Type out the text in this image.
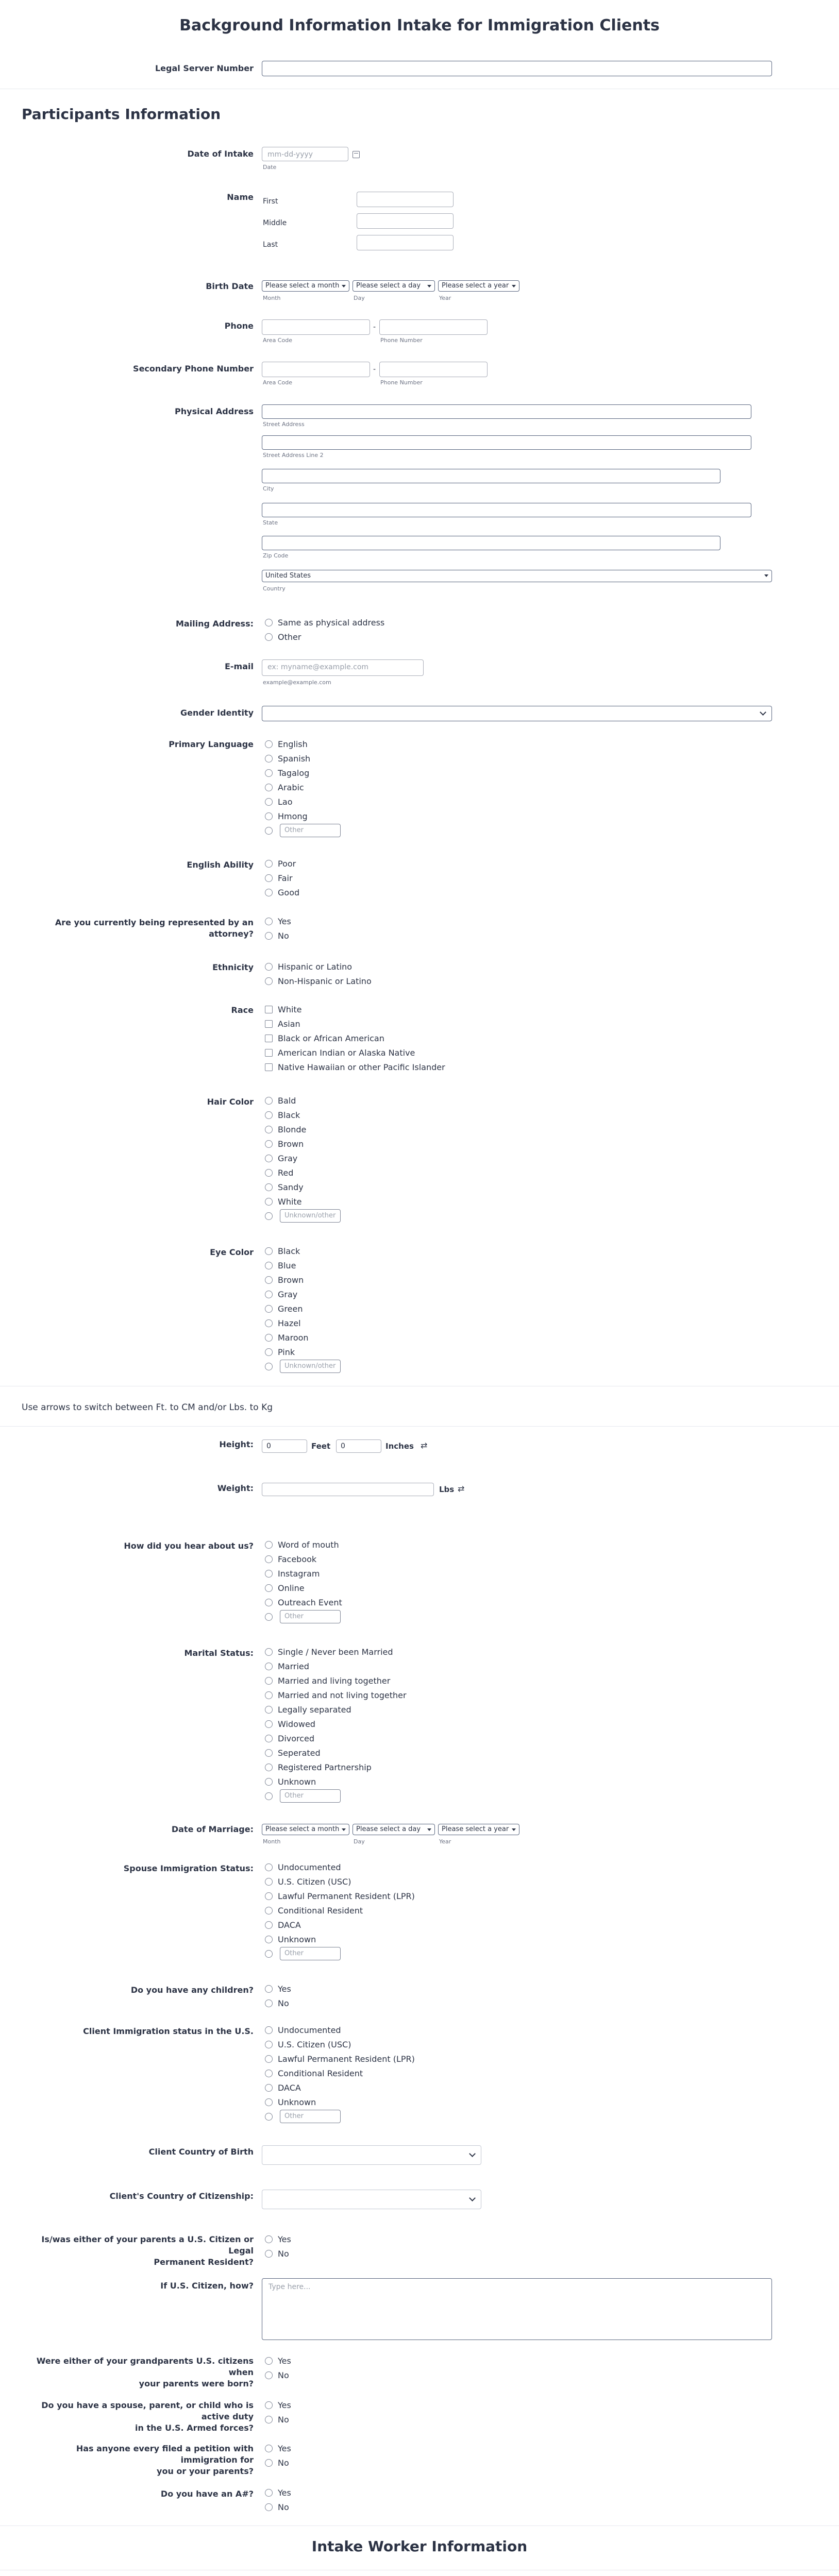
Background Information Intake for Immigration Clients
Legal Server Number
Participants Information
Date of Intake	mm-dd-yyyy
Date
Name First
Middle
Last
Birth Date	Please select a month	Please select a day	Please select a year
Month	Day	Year
Phone	-
Area Code	Phone Number
Secondary Phone Number	-
Area Code	Phone Number
Physical Address
Street Address
Street Address Line 2
City
State
Zip Code
United States
Country
Mailing Address:	Same as physical address
Other
E-mail	ex: myname@example.com
example@example.com
Gender Identity
Primary Language	English
Spanish
Tagalog
Arabic
Lao
Hmong
Other
English Ability	Poor
Fair
Good
Are you currently being represented by an attorney?
Yes
No
Ethnicity	Hispanic or Latino
Non-Hispanic or Latino
Race	White
Asian
Black or African American
American Indian or Alaska Native
Native Hawaiian or other Pacific Islander
Hair Color	Bald
Black
Blonde
Brown
Gray
Red
Sandy
White
Unknown/other
Eye Color	Black
Blue
Brown
Gray
Green
Hazel
Maroon
Pink
Unknown/other
Use arrows to switch between Ft. to CM and/or Lbs. to Kg
Height:	0	Feet	0	Inches ⇄
Weight:	Lbs ⇄
How did you hear about us?	Word of mouth
Facebook
Instagram
Online
Outreach Event
Other
Marital Status:	Single / Never been Married
Married
Married and living together
Married and not living together
Legally separated
Widowed
Divorced
Seperated
Registered Partnership
Unknown
Other
Date of Marriage:	Please select a month	Please select a day	Please select a year
Month	Day	Year
Spouse Immigration Status:	Undocumented
U.S. Citizen (USC)
Lawful Permanent Resident (LPR)
Conditional Resident
DACA
Unknown
Other
Do you have any children?	Yes
No
Client Immigration status in the U.S.	Undocumented
U.S. Citizen (USC)
Lawful Permanent Resident (LPR)
Conditional Resident
DACA
Unknown
Other
Client Country of Birth
Client's Country of Citizenship:
Is/was either of your parents a U.S. Citizen or Legal
Permanent Resident?
Yes
No
If U.S. Citizen, how?	Type here...
Were either of your grandparents U.S. citizens when
your parents were born?
Yes
No
Do you have a spouse, parent, or child who is active duty
in the U.S. Armed forces?
Yes
No
Has anyone every filed a petition with immigration for
you or your parents?
Yes
No
Do you have an A#?	Yes
No
Intake Worker Information
